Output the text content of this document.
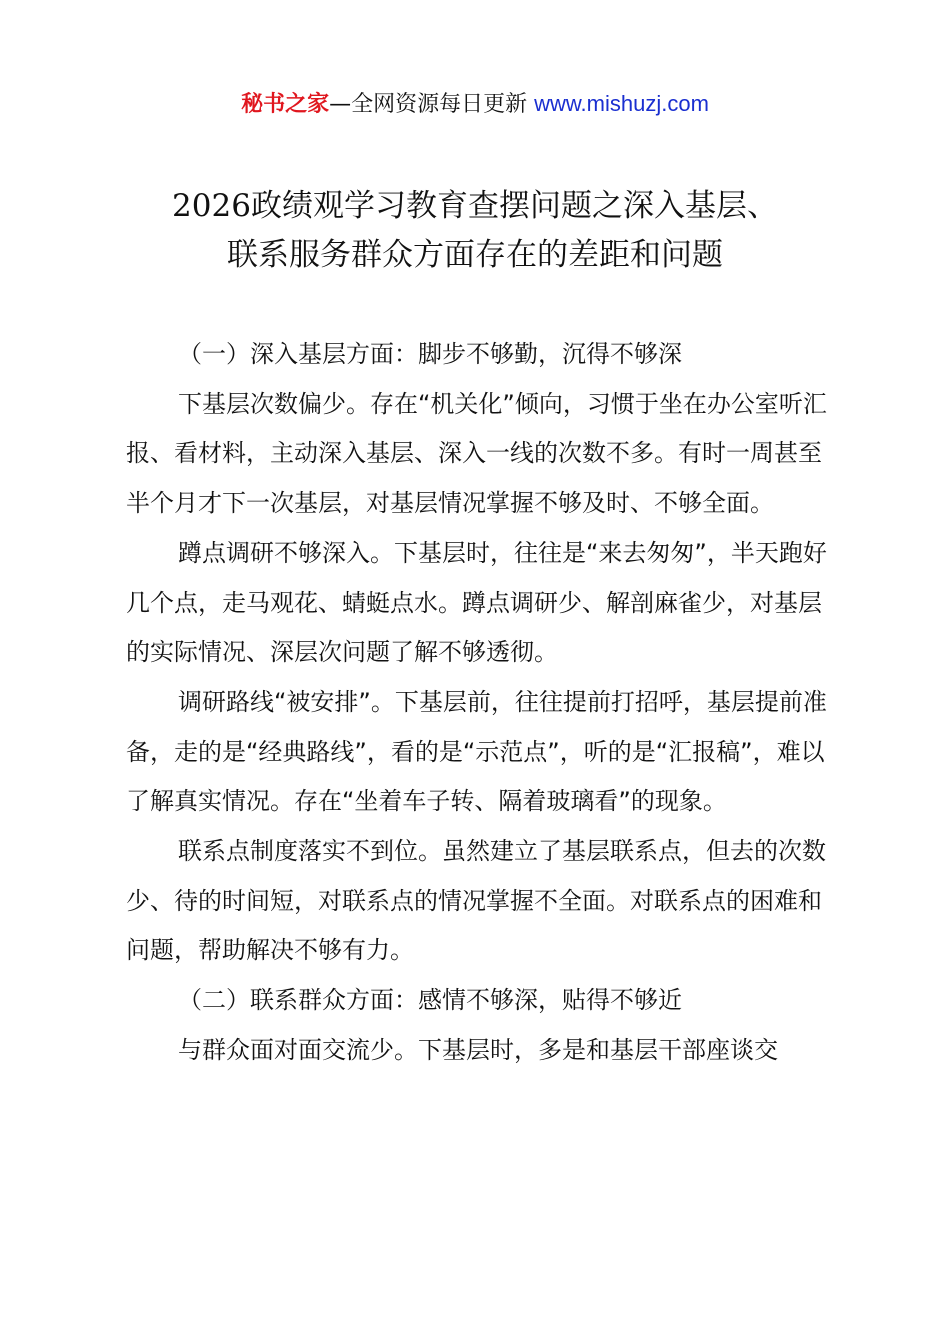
秘书之家—全网资源每日更新 www.mishuzj.com
2026政绩观学习教育查摆问题之深入基层、
联系服务群众方面存在的差距和问题

（一）深入基层方面：脚步不够勤，沉得不够深

下基层次数偏少。存在“机关化”倾向，习惯于坐在办公室听汇报、看材料，主动深入基层、深入一线的次数不多。有时一周甚至半个月才下一次基层，对基层情况掌握不够及时、不够全面。

蹲点调研不够深入。下基层时，往往是“来去匆匆”，半天跑好几个点，走马观花、蜻蜓点水。蹲点调研少、解剖麻雀少，对基层的实际情况、深层次问题了解不够透彻。

调研路线“被安排”。下基层前，往往提前打招呼，基层提前准备，走的是“经典路线”，看的是“示范点”，听的是“汇报稿”，难以了解真实情况。存在“坐着车子转、隔着玻璃看”的现象。

联系点制度落实不到位。虽然建立了基层联系点，但去的次数少、待的时间短，对联系点的情况掌握不全面。对联系点的困难和问题，帮助解决不够有力。

（二）联系群众方面：感情不够深，贴得不够近

与群众面对面交流少。下基层时，多是和基层干部座谈交
